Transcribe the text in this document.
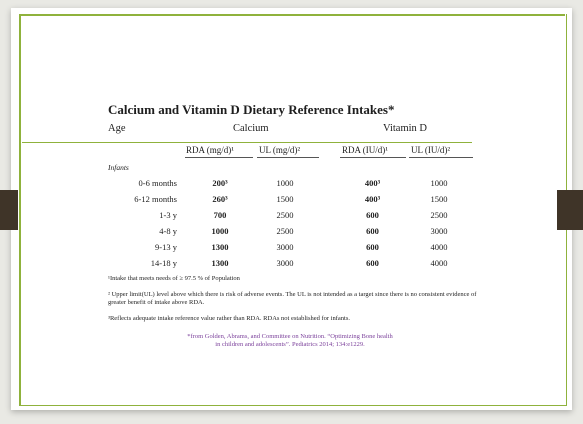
Calcium and Vitamin D Dietary Reference Intakes*
Age	Calcium	Vitamin D
RDA (mg/d)¹	UL (mg/d)²	RDA (IU/d)¹	UL (IU/d)²
Infants
0-6 months	200³	1000	400³	1000
6-12 months	260³	1500	400³	1500
1-3 y	700	2500	600	2500
4-8 y	1000	2500	600	3000
9-13 y	1300	3000	600	4000
14-18 y	1300	3000	600	4000
¹Intake that meets needs of ≥ 97.5 % of Population
² Upper limit(UL) level above which there is risk of adverse events. The UL is not intended as a target since there is no consistent evidence of greater benefit of intake above RDA.
³Reflects adequate intake reference value rather than RDA. RDAs not established for infants.
*from Golden, Abrams, and Committee on Nutrition. “Optimizing Bone health
in children and adolescents”. Pediatrics 2014; 134:e1229.
